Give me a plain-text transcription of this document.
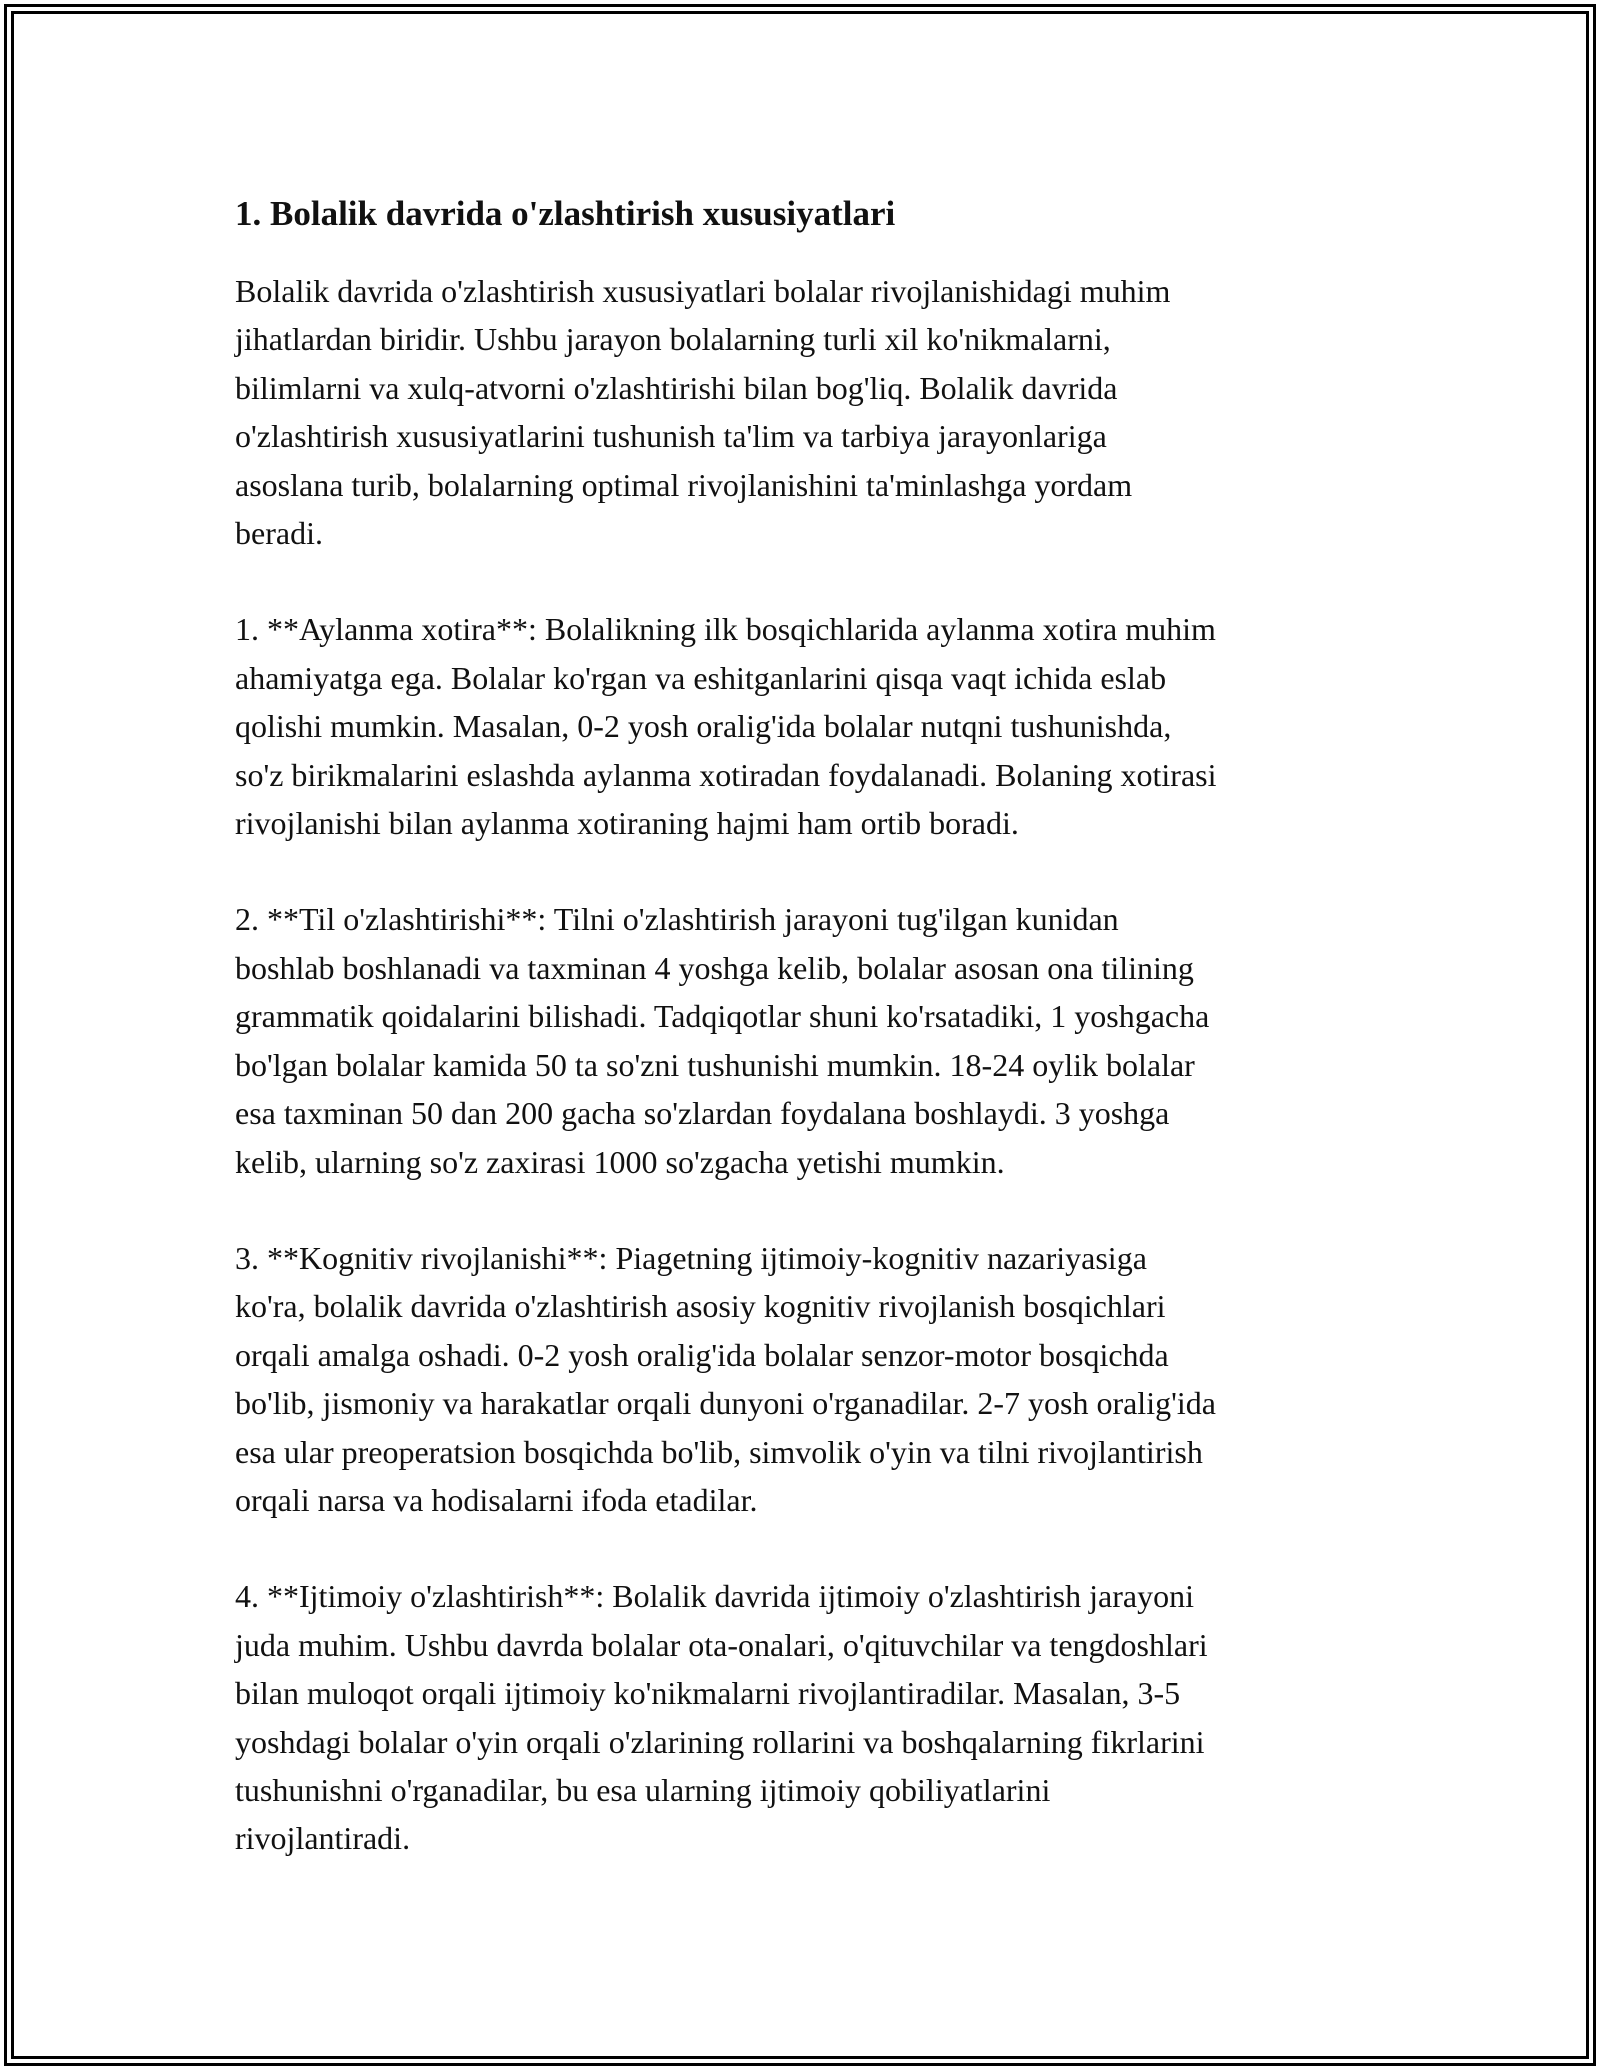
1. Bolalik davrida o'zlashtirish xususiyatlari

Bolalik davrida o'zlashtirish xususiyatlari bolalar rivojlanishidagi muhim
jihatlardan biridir. Ushbu jarayon bolalarning turli xil ko'nikmalarni,
bilimlarni va xulq-atvorni o'zlashtirishi bilan bog'liq. Bolalik davrida
o'zlashtirish xususiyatlarini tushunish ta'lim va tarbiya jarayonlariga
asoslana turib, bolalarning optimal rivojlanishini ta'minlashga yordam
beradi.

1. **Aylanma xotira**: Bolalikning ilk bosqichlarida aylanma xotira muhim
ahamiyatga ega. Bolalar ko'rgan va eshitganlarini qisqa vaqt ichida eslab
qolishi mumkin. Masalan, 0-2 yosh oralig'ida bolalar nutqni tushunishda,
so'z birikmalarini eslashda aylanma xotiradan foydalanadi. Bolaning xotirasi
rivojlanishi bilan aylanma xotiraning hajmi ham ortib boradi.

2. **Til o'zlashtirishi**: Tilni o'zlashtirish jarayoni tug'ilgan kunidan
boshlab boshlanadi va taxminan 4 yoshga kelib, bolalar asosan ona tilining
grammatik qoidalarini bilishadi. Tadqiqotlar shuni ko'rsatadiki, 1 yoshgacha
bo'lgan bolalar kamida 50 ta so'zni tushunishi mumkin. 18-24 oylik bolalar
esa taxminan 50 dan 200 gacha so'zlardan foydalana boshlaydi. 3 yoshga
kelib, ularning so'z zaxirasi 1000 so'zgacha yetishi mumkin.

3. **Kognitiv rivojlanishi**: Piagetning ijtimoiy-kognitiv nazariyasiga
ko'ra, bolalik davrida o'zlashtirish asosiy kognitiv rivojlanish bosqichlari
orqali amalga oshadi. 0-2 yosh oralig'ida bolalar senzor-motor bosqichda
bo'lib, jismoniy va harakatlar orqali dunyoni o'rganadilar. 2-7 yosh oralig'ida
esa ular preoperatsion bosqichda bo'lib, simvolik o'yin va tilni rivojlantirish
orqali narsa va hodisalarni ifoda etadilar.

4. **Ijtimoiy o'zlashtirish**: Bolalik davrida ijtimoiy o'zlashtirish jarayoni
juda muhim. Ushbu davrda bolalar ota-onalari, o'qituvchilar va tengdoshlari
bilan muloqot orqali ijtimoiy ko'nikmalarni rivojlantiradilar. Masalan, 3-5
yoshdagi bolalar o'yin orqali o'zlarining rollarini va boshqalarning fikrlarini
tushunishni o'rganadilar, bu esa ularning ijtimoiy qobiliyatlarini
rivojlantiradi.
